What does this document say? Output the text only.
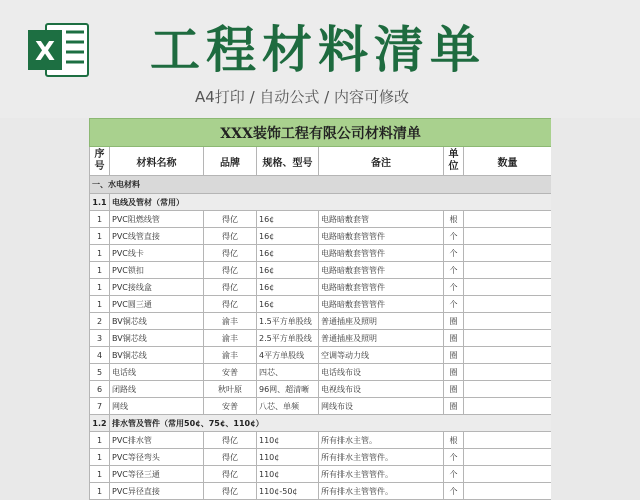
X 工程材料清单
A4打印 / 自动公式 / 内容可修改
XXX装饰工程有限公司材料清单						
序号	材料名称	品牌	规格、型号	备注	单位	数量
一、水电材料						
1.1	电线及管材（常用）					
1	PVC阻燃线管	得亿	16¢	电路暗敷套管	根	
1	PVC线管直接	得亿	16¢	电路暗敷套管管件	个	
1	PVC线卡	得亿	16¢	电路暗敷套管管件	个	
1	PVC锁扣	得亿	16¢	电路暗敷套管管件	个	
1	PVC接线盒	得亿	16¢	电路暗敷套管管件	个	
1	PVC圆三通	得亿	16¢	电路暗敷套管管件	个	
2	BV铜芯线	渝丰	1.5平方单股线	普通插座及照明	圈	
3	BV铜芯线	渝丰	2.5平方单股线	普通插座及照明	圈	
4	BV铜芯线	渝丰	4平方单股线	空调等动力线	圈	
5	电话线	安普	四芯、	电话线布设	圈	
6	闭路线	秋叶原	96网、超清晰	电视线布设	圈	
7	网线	安普	八芯、单频	网线布设	圈	
1.2	排水管及管件（常用50¢、75¢、110¢）					
1	PVC排水管	得亿	110¢	所有排水主管。	根	
1	PVC等径弯头	得亿	110¢	所有排水主管管件。	个	
1	PVC等径三通	得亿	110¢	所有排水主管管件。	个	
1	PVC异径直接	得亿	110¢-50¢	所有排水主管管件。	个	
